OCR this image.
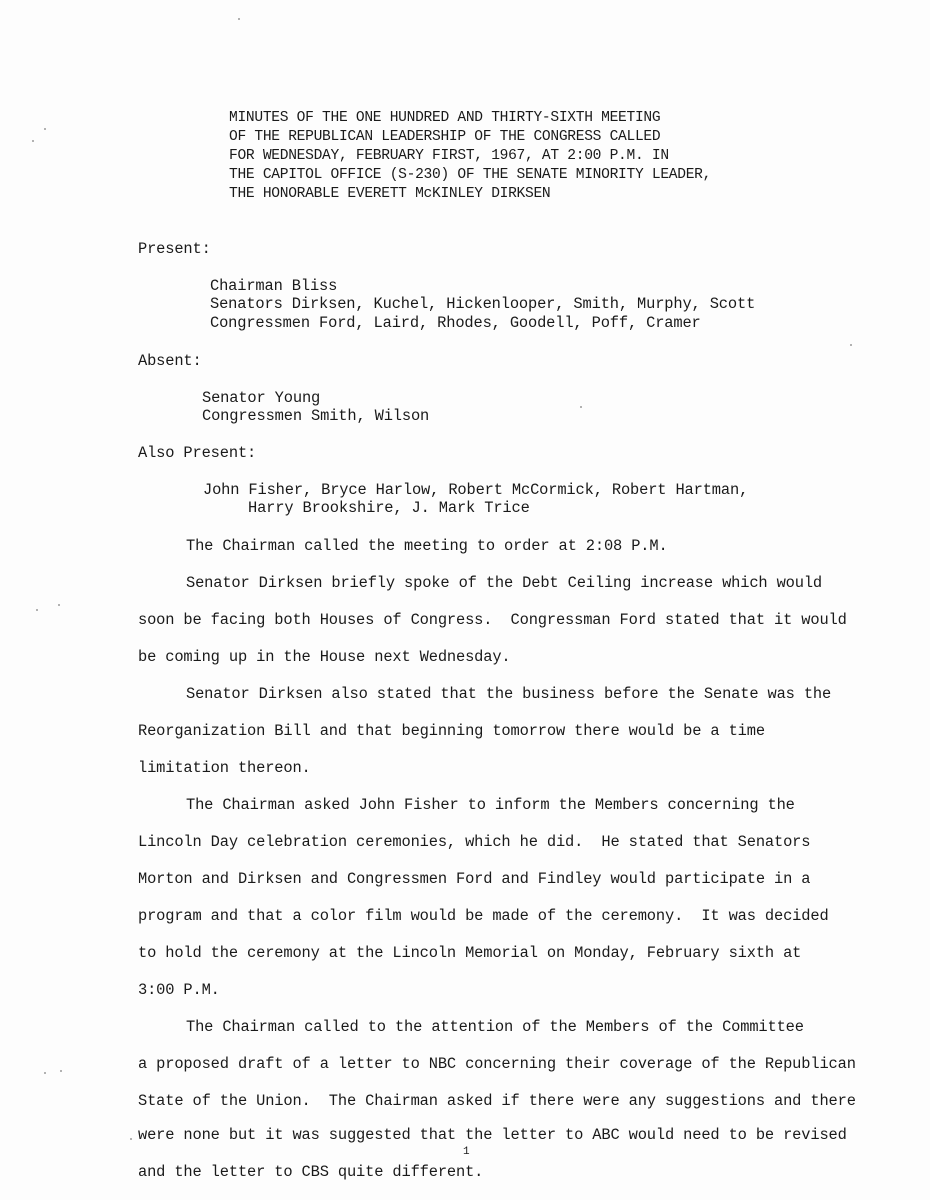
MINUTES OF THE ONE HUNDRED AND THIRTY-SIXTH MEETING
OF THE REPUBLICAN LEADERSHIP OF THE CONGRESS CALLED
FOR WEDNESDAY, FEBRUARY FIRST, 1967, AT 2:00 P.M. IN
THE CAPITOL OFFICE (S-230) OF THE SENATE MINORITY LEADER,
THE HONORABLE EVERETT McKINLEY DIRKSEN
Present:
Chairman Bliss
Senators Dirksen, Kuchel, Hickenlooper, Smith, Murphy, Scott
Congressmen Ford, Laird, Rhodes, Goodell, Poff, Cramer
Absent:
Senator Young
Congressmen Smith, Wilson
Also Present:
John Fisher, Bryce Harlow, Robert McCormick, Robert Hartman,
Harry Brookshire, J. Mark Trice
The Chairman called the meeting to order at 2:08 P.M.
Senator Dirksen briefly spoke of the Debt Ceiling increase which would
soon be facing both Houses of Congress.  Congressman Ford stated that it would
be coming up in the House next Wednesday.
Senator Dirksen also stated that the business before the Senate was the
Reorganization Bill and that beginning tomorrow there would be a time
limitation thereon.
The Chairman asked John Fisher to inform the Members concerning the
Lincoln Day celebration ceremonies, which he did.  He stated that Senators
Morton and Dirksen and Congressmen Ford and Findley would participate in a
program and that a color film would be made of the ceremony.  It was decided
to hold the ceremony at the Lincoln Memorial on Monday, February sixth at
3:00 P.M.
The Chairman called to the attention of the Members of the Committee
a proposed draft of a letter to NBC concerning their coverage of the Republican
State of the Union.  The Chairman asked if there were any suggestions and there
were none but it was suggested that the letter to ABC would need to be revised
and the letter to CBS quite different.
1
